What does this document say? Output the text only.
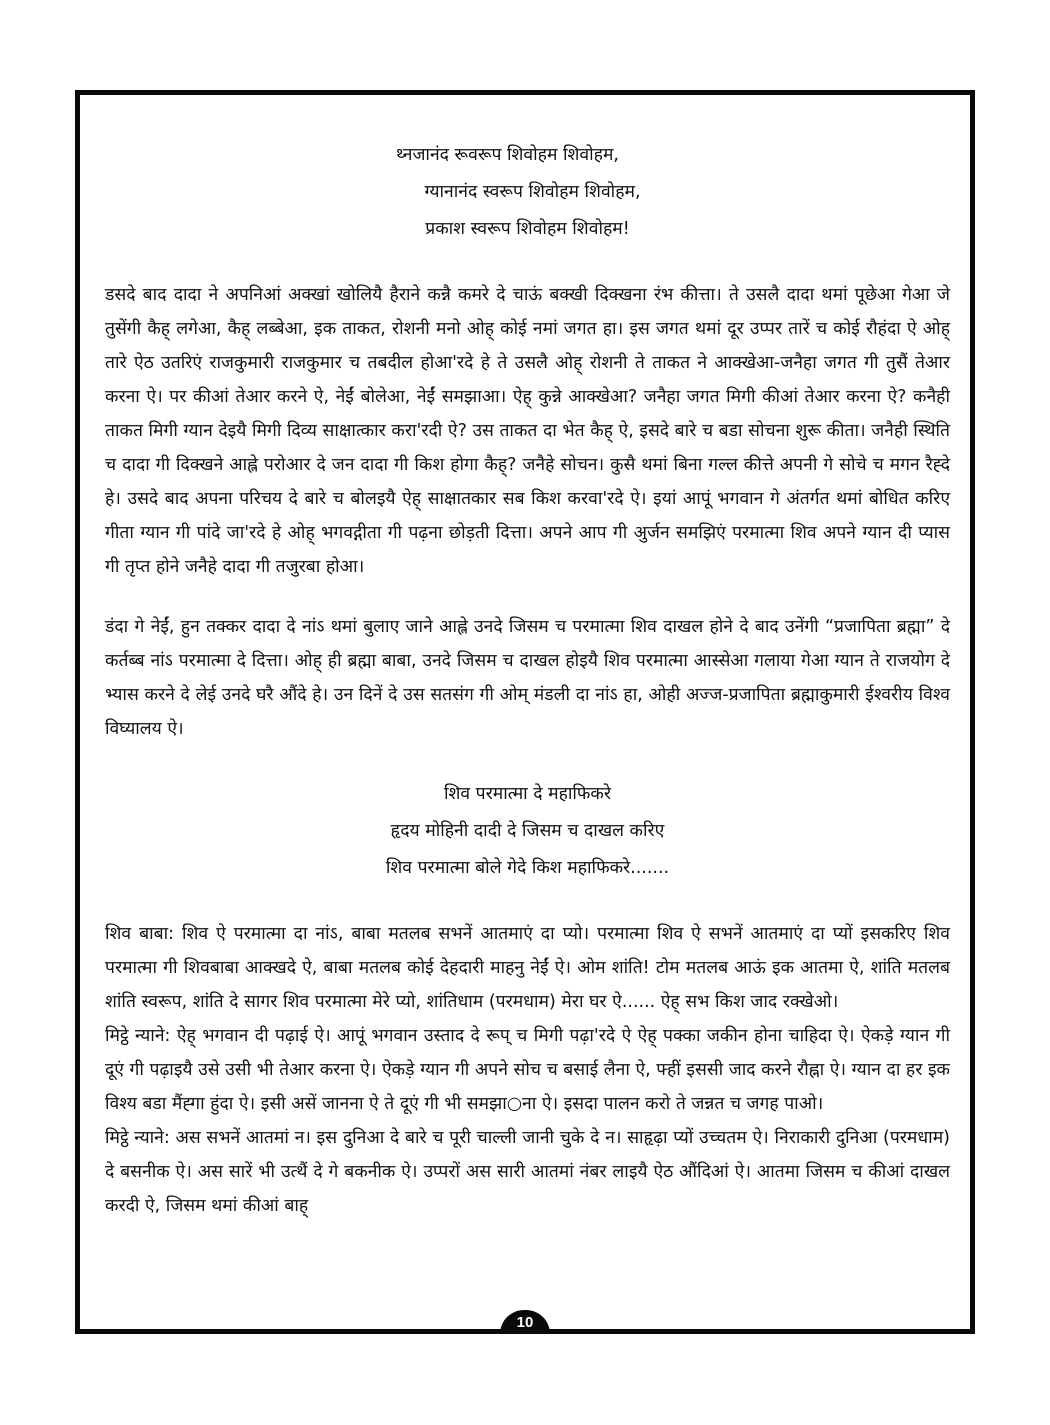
थ्नजानंद रूवरूप शिवोहम शिवोहम,
ग्यानानंद स्वरूप शिवोहम शिवोहम,
प्रकाश स्वरूप शिवोहम शिवोहम!

डसदे बाद दादा ने अपनिआं अक्खां खोलियै हैराने कन्नै कमरे दे चाऊं बक्खी दिक्खना रंभ कीत्ता। ते उसलै दादा थमां पूछेआ गेआ जे तुसेंगी कैह् लगेआ, कैह् लब्बेआ, इक ताकत, रोशनी मनो ओह् कोई नमां जगत हा। इस जगत थमां दूर उप्पर तारें च कोई रौहंदा ऐ ओह् तारे ऐठ उतरिएं राजकुमारी राजकुमार च तबदील होआ'रदे हे ते उसलै ओह् रोशनी ते ताकत ने आक्खेआ-जनैहा जगत गी तुसैं तेआर करना ऐ। पर कीआं तेआर करने ऐ, नेईं बोलेआ, नेईं समझाआ। ऐह् कुन्ने आक्खेआ? जनैहा जगत मिगी कीआं तेआर करना ऐ? कनैही ताकत मिगी ग्यान देइयै मिगी दिव्य साक्षात्कार करा'रदी ऐ? उस ताकत दा भेत कैह् ऐ, इसदे बारे च बडा सोचना शुरू कीता। जनैही स्थिति च दादा गी दिक्खने आह्ले परोआर दे जन दादा गी किश होगा कैह्? जनैहे सोचन। कुसै थमां बिना गल्ल कीत्ते अपनी गे सोचे च मगन रैह्दे हे। उसदे बाद अपना परिचय दे बारे च बोलइयै ऐह् साक्षातकार सब किश करवा'रदे ऐ। इयां आपूं भगवान गे अंतर्गत थमां बोधित करिए गीता ग्यान गी पांदे जा'रदे हे ओह् भगवद्गीता गी पढ़ना छोड़ती दित्ता। अपने आप गी अुर्जन समझिएं परमात्मा शिव अपने ग्यान दी प्यास गी तृप्त होने जनैहे दादा गी तजुरबा होआ।

डंदा गे नेईं, हुन तक्कर दादा दे नांऽ थमां बुलाए जाने आह्ले उनदे जिसम च परमात्मा शिव दाखल होने दे बाद उनेंगी “प्रजापिता ब्रह्मा” दे कर्तब्ब नांऽ परमात्मा दे दित्ता। ओह् ही ब्रह्मा बाबा, उनदे जिसम च दाखल होइयै शिव परमात्मा आस्सेआ गलाया गेआ ग्यान ते राजयोग दे भ्यास करने दे लेई उनदे घरै औंदे हे। उन दिनें दे उस सतसंग गी ओम् मंडली दा नांऽ हा, ओही अज्ज-प्रजापिता ब्रह्माकुमारी ईश्वरीय विश्व विघ्यालय ऐ।

शिव परमात्मा दे महाफिकरे
हृदय मोहिनी दादी दे जिसम च दाखल करिए
शिव परमात्मा बोले गेदे किश महाफिकरे.......

शिव बाबा: शिव ऐ परमात्मा दा नांऽ, बाबा मतलब सभनें आतमाएं दा प्यो। परमात्मा शिव ऐ सभनें आतमाएं दा प्यों इसकरिए शिव परमात्मा गी शिवबाबा आक्खदे ऐ, बाबा मतलब कोई देहदारी माहनु नेईं ऐ। ओम शांति! टोम मतलब आऊं इक आतमा ऐ, शांति मतलब शांति स्वरूप, शांति दे सागर शिव परमात्मा मेरे प्यो, शांतिधाम (परमधाम) मेरा घर ऐ...... ऐह् सभ किश जाद रक्खेओ।

मिट्ठे न्याने: ऐह् भगवान दी पढ़ाई ऐ। आपूं भगवान उस्ताद दे रूप् च मिगी पढ़ा'रदे ऐ ऐह् पक्का जकीन होना चाहिदा ऐ। ऐकड़े ग्यान गी दूएं गी पढ़ाइयै उसे उसी भी तेआर करना ऐ। ऐकड़े ग्यान गी अपने सोच च बसाई लैना ऐ, फ्हीं इससी जाद करने रौह्ना ऐ। ग्यान दा हर इक विश्य बडा मैंह्गा हुंदा ऐ। इसी असें जानना ऐ ते दूएं गी भी समझा○ना ऐ। इसदा पालन करो ते जन्नत च जगह पाओ।

मिट्ठे न्याने: अस सभनें आतमां न। इस दुनिआ दे बारे च पूरी चाल्ली जानी चुके दे न। साहृढ़ा प्यों उच्चतम ऐ। निराकारी दुनिआ (परमधाम) दे बसनीक ऐ। अस सारें भी उत्थैं दे गे बकनीक ऐ। उप्परों अस सारी आतमां नंबर लाइयै ऐठ औंदिआं ऐ। आतमा जिसम च कीआं दाखल करदी ऐ, जिसम थमां कीआं बाह्

10
